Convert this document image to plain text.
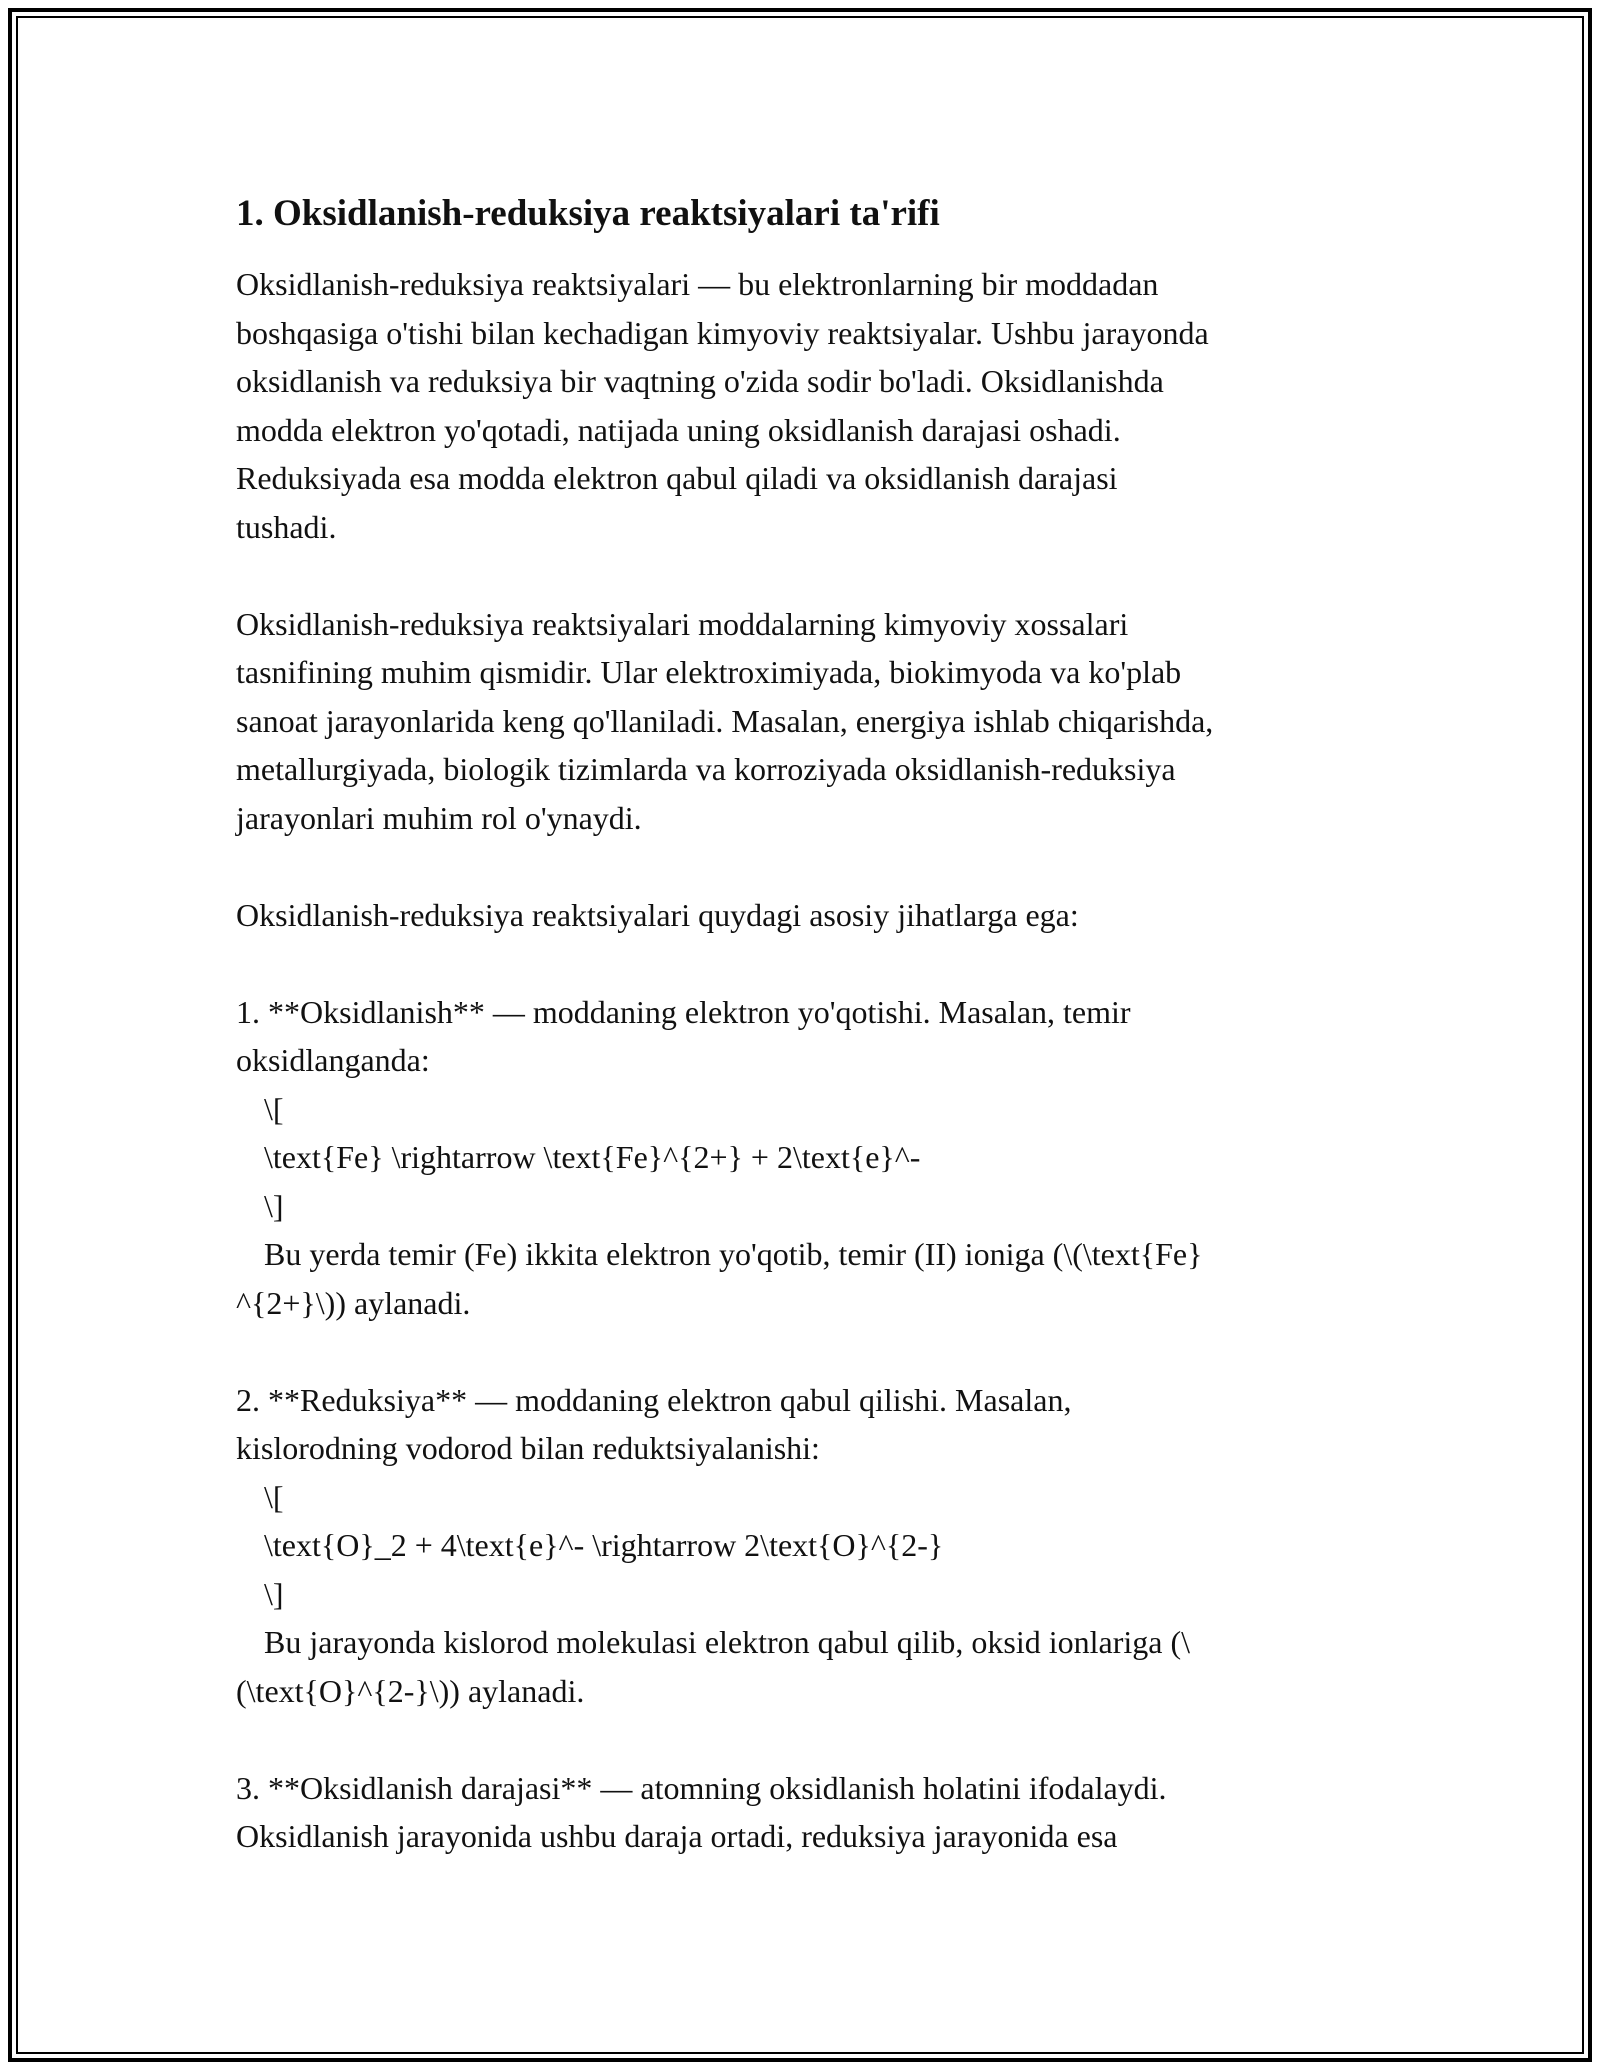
1. Oksidlanish-reduksiya reaktsiyalari ta'rifi
Oksidlanish-reduksiya reaktsiyalari — bu elektronlarning bir moddadan
boshqasiga o'tishi bilan kechadigan kimyoviy reaktsiyalar. Ushbu jarayonda
oksidlanish va reduksiya bir vaqtning o'zida sodir bo'ladi. Oksidlanishda
modda elektron yo'qotadi, natijada uning oksidlanish darajasi oshadi.
Reduksiyada esa modda elektron qabul qiladi va oksidlanish darajasi
tushadi.
Oksidlanish-reduksiya reaktsiyalari moddalarning kimyoviy xossalari
tasnifining muhim qismidir. Ular elektroximiyada, biokimyoda va ko'plab
sanoat jarayonlarida keng qo'llaniladi. Masalan, energiya ishlab chiqarishda,
metallurgiyada, biologik tizimlarda va korroziyada oksidlanish-reduksiya
jarayonlari muhim rol o'ynaydi.
Oksidlanish-reduksiya reaktsiyalari quydagi asosiy jihatlarga ega:
1. **Oksidlanish** — moddaning elektron yo'qotishi. Masalan, temir
oksidlanganda:
\[
\text{Fe} \rightarrow \text{Fe}^{2+} + 2\text{e}^-
\]
Bu yerda temir (Fe) ikkita elektron yo'qotib, temir (II) ioniga (\(\text{Fe}
^{2+}\)) aylanadi.
2. **Reduksiya** — moddaning elektron qabul qilishi. Masalan,
kislorodning vodorod bilan reduktsiyalanishi:
\[
\text{O}_2 + 4\text{e}^- \rightarrow 2\text{O}^{2-}
\]
Bu jarayonda kislorod molekulasi elektron qabul qilib, oksid ionlariga (\
(\text{O}^{2-}\)) aylanadi.
3. **Oksidlanish darajasi** — atomning oksidlanish holatini ifodalaydi.
Oksidlanish jarayonida ushbu daraja ortadi, reduksiya jarayonida esa
